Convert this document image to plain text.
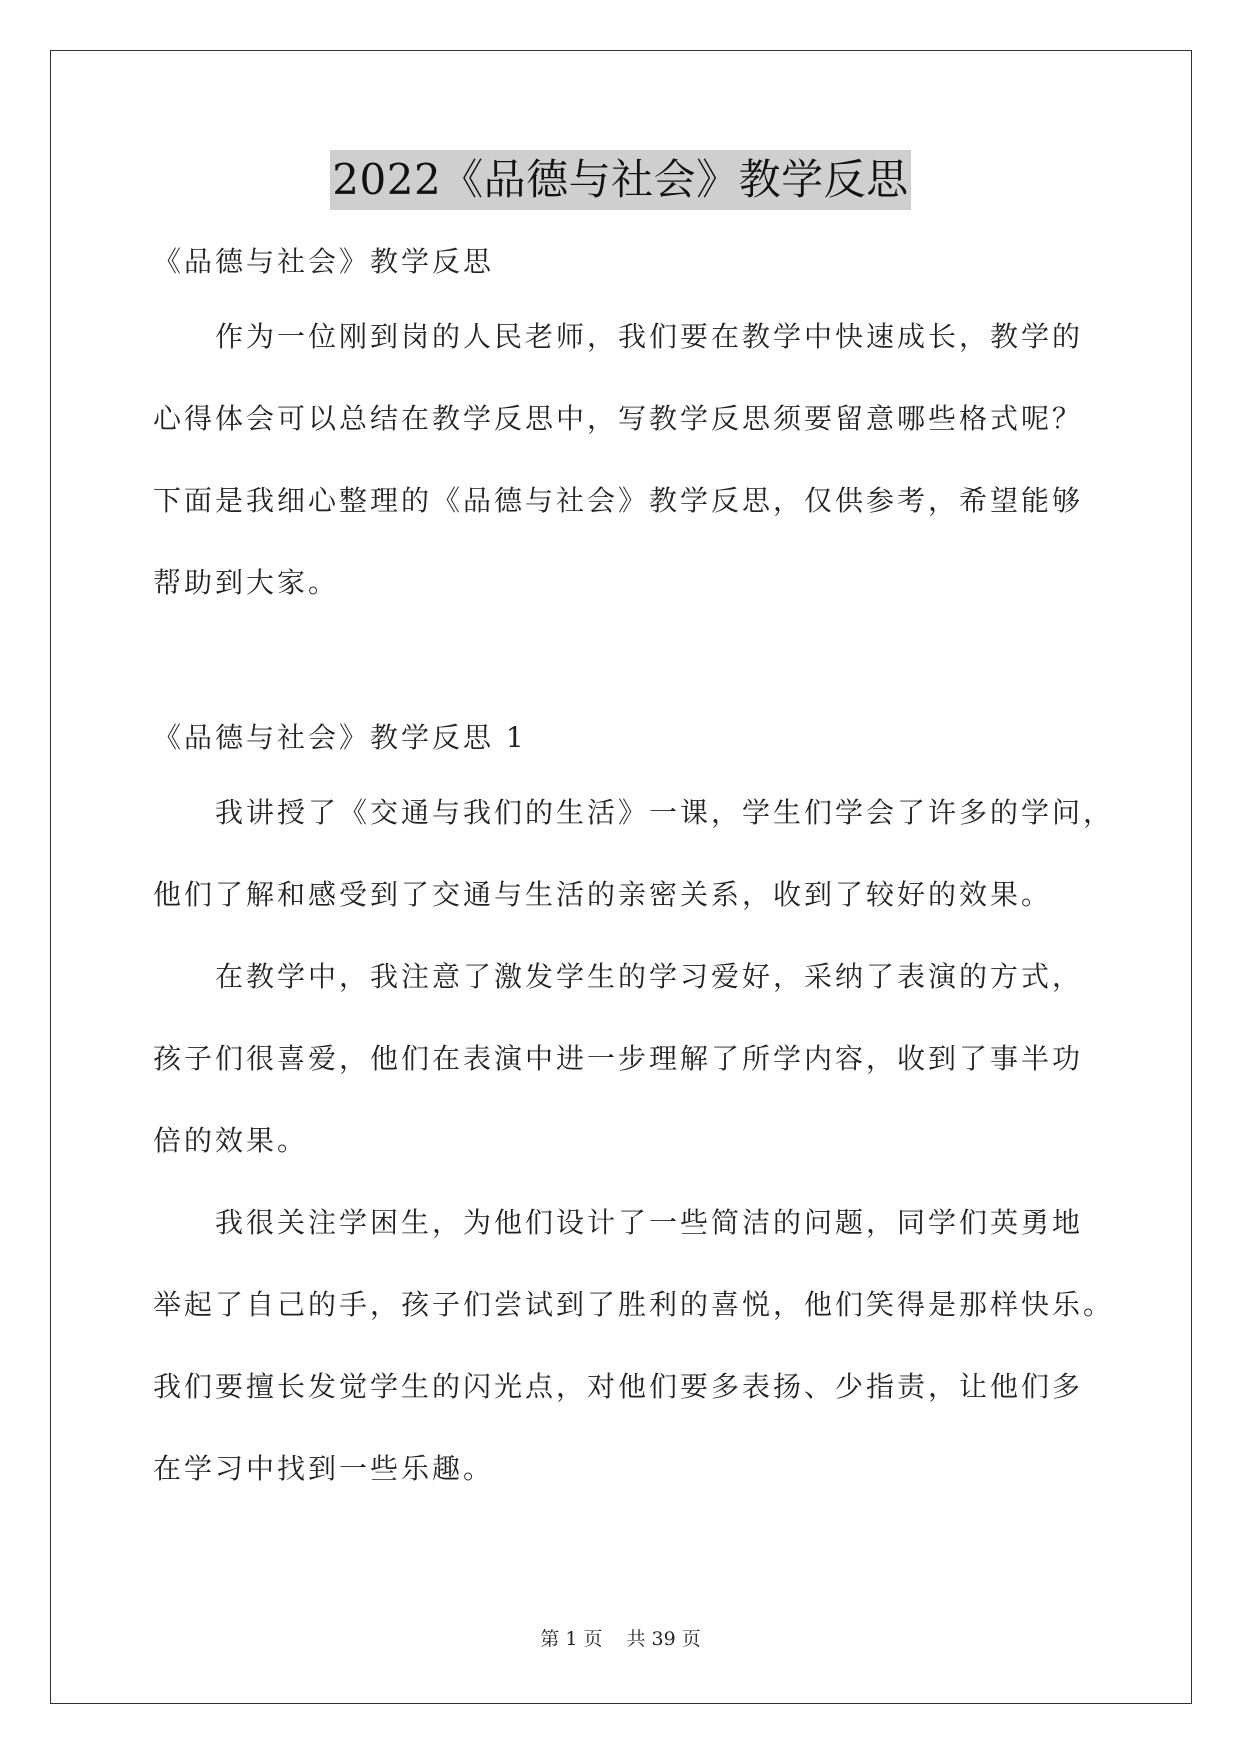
2022《品德与社会》教学反思
《品德与社会》教学反思
作为一位刚到岗的人民老师，我们要在教学中快速成长，教学的
心得体会可以总结在教学反思中，写教学反思须要留意哪些格式呢？
下面是我细心整理的《品德与社会》教学反思，仅供参考，希望能够
帮助到大家。
《品德与社会》教学反思 1
我讲授了《交通与我们的生活》一课，学生们学会了许多的学问，
他们了解和感受到了交通与生活的亲密关系，收到了较好的效果。
在教学中，我注意了激发学生的学习爱好，采纳了表演的方式，
孩子们很喜爱，他们在表演中进一步理解了所学内容，收到了事半功
倍的效果。
我很关注学困生，为他们设计了一些简洁的问题，同学们英勇地
举起了自己的手，孩子们尝试到了胜利的喜悦，他们笑得是那样快乐。
我们要擅长发觉学生的闪光点，对他们要多表扬、少指责，让他们多
在学习中找到一些乐趣。
第 1 页 共 39 页
